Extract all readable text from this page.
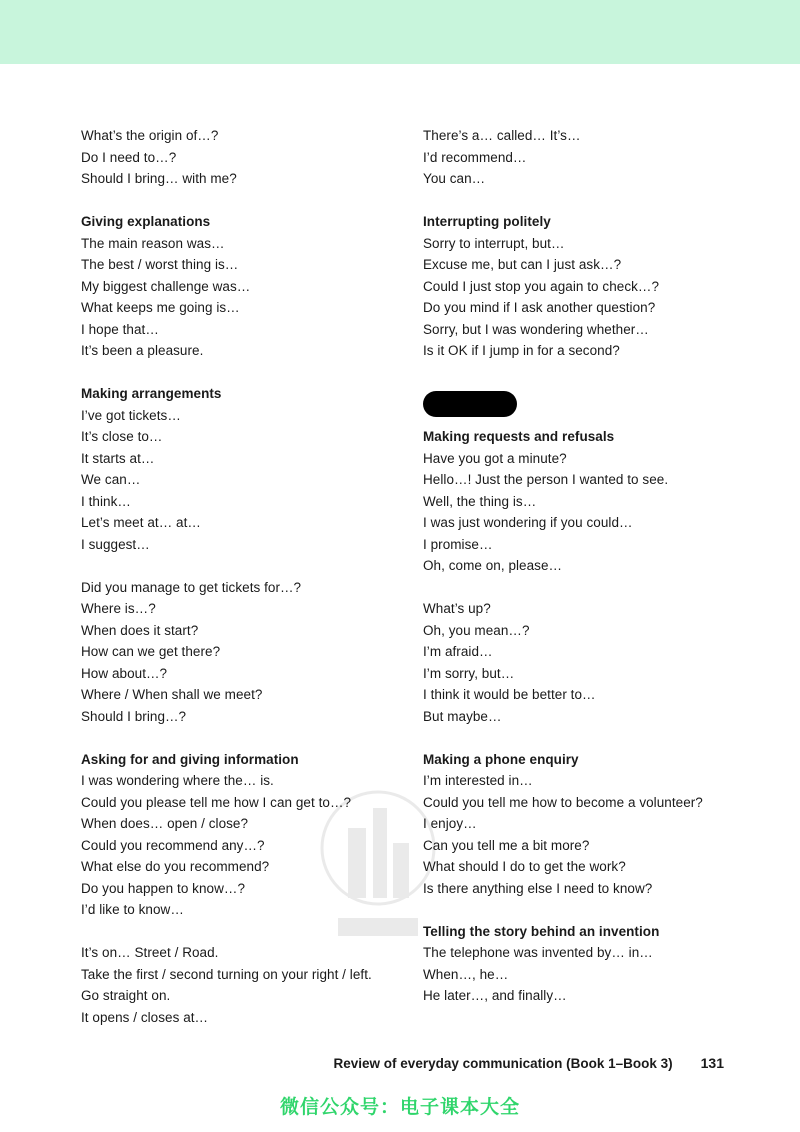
What’s the origin of…?
Do I need to…?
Should I bring… with me?
Giving explanations
The main reason was…
The best / worst thing is…
My biggest challenge was…
What keeps me going is…
I hope that…
It’s been a pleasure.
Making arrangements
I’ve got tickets…
It’s close to…
It starts at…
We can…
I think…
Let’s meet at… at…
I suggest…
Did you manage to get tickets for…?
Where is…?
When does it start?
How can we get there?
How about…?
Where / When shall we meet?
Should I bring…?
Asking for and giving information
I was wondering where the… is.
Could you please tell me how I can get to…?
When does… open / close?
Could you recommend any…?
What else do you recommend?
Do you happen to know…?
I’d like to know…
It’s on… Street / Road.
Take the first / second turning on your right / left.
Go straight on.
It opens / closes at…
There’s a… called… It’s…
I’d recommend…
You can…
Interrupting politely
Sorry to interrupt, but…
Excuse me, but can I just ask…?
Could I just stop you again to check…?
Do you mind if I ask another question?
Sorry, but I was wondering whether…
Is it OK if I jump in for a second?
Making requests and refusals
Have you got a minute?
Hello…! Just the person I wanted to see.
Well, the thing is…
I was just wondering if you could…
I promise…
Oh, come on, please…
What’s up?
Oh, you mean…?
I’m afraid…
I’m sorry, but…
I think it would be better to…
But maybe…
Making a phone enquiry
I’m interested in…
Could you tell me how to become a volunteer?
I enjoy…
Can you tell me a bit more?
What should I do to get the work?
Is there anything else I need to know?
Telling the story behind an invention
The telephone was invented by… in…
When…, he…
He later…, and finally…
Review of everyday communication (Book 1–Book 3) 131
微信公众号：电子课本大全
